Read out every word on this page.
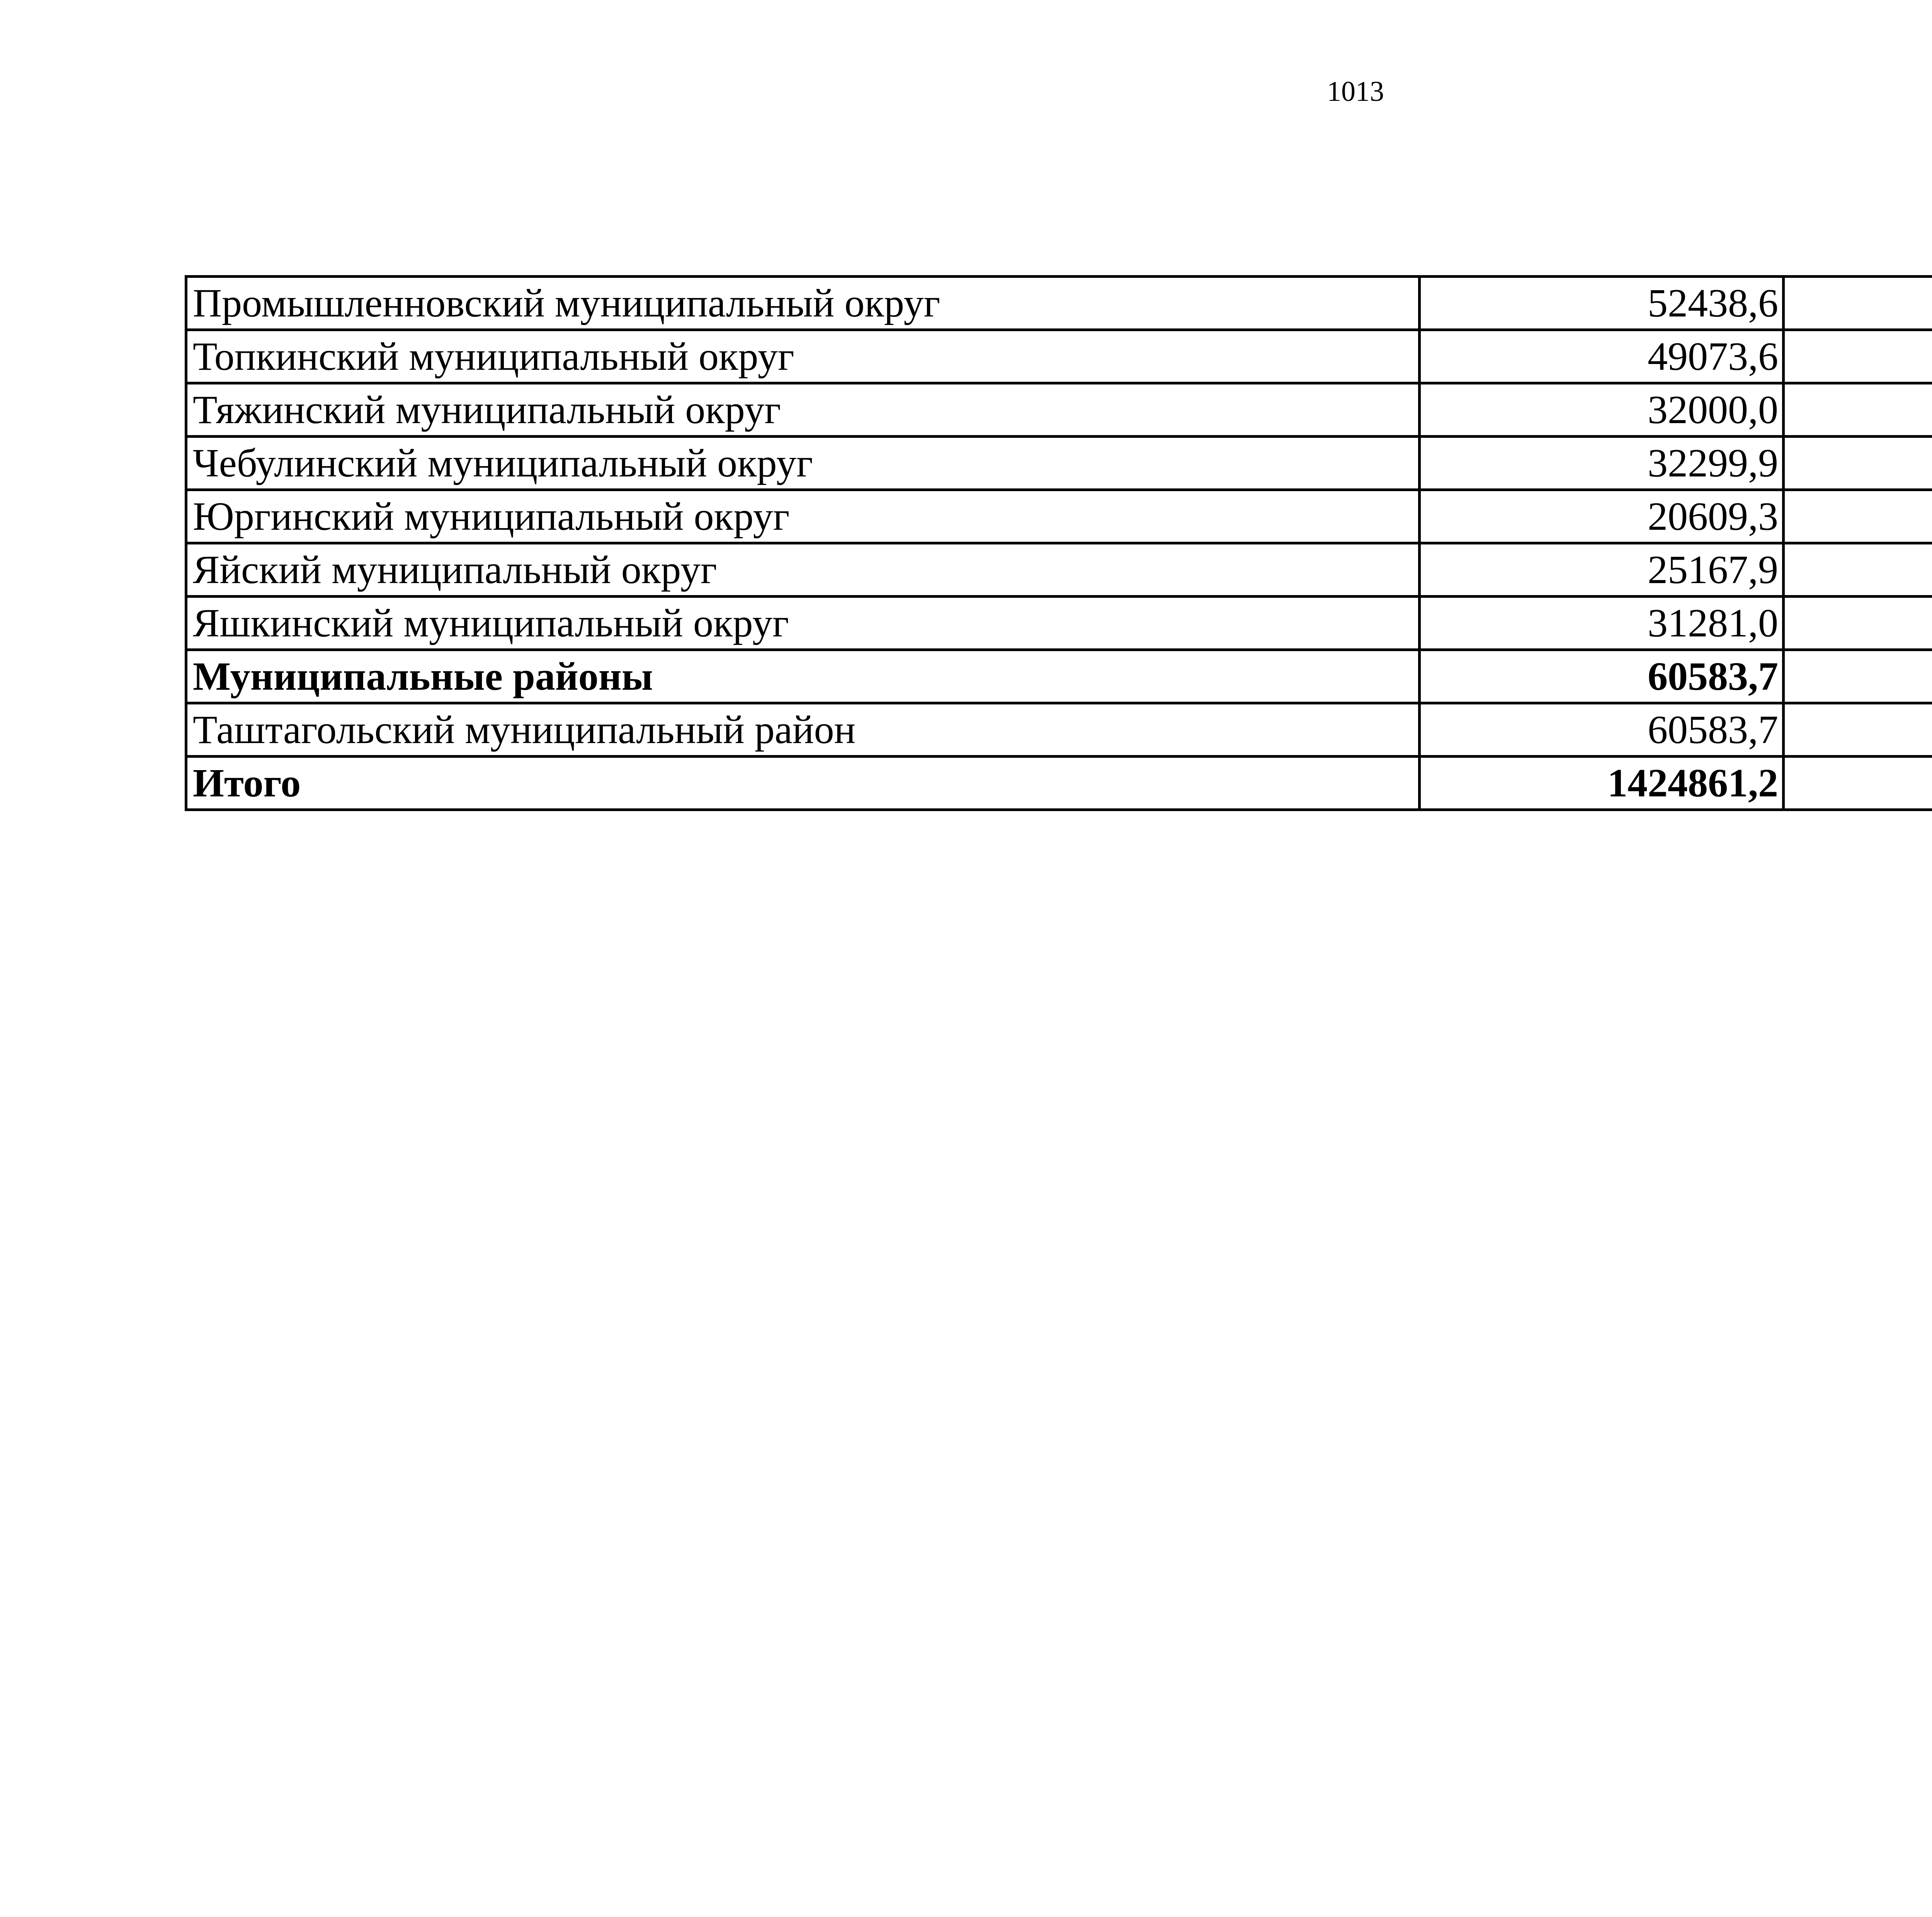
1013
Промышленновский муниципальный округ	52438,6		
Топкинский муниципальный округ	49073,6		
Тяжинский муниципальный округ	32000,0		
Чебулинский муниципальный округ	32299,9		
Юргинский муниципальный округ	20609,3		
Яйский муниципальный округ	25167,9		
Яшкинский муниципальный округ	31281,0		
Муниципальные районы	60583,7		
Таштагольский муниципальный район	60583,7		
Итого	1424861,2		
